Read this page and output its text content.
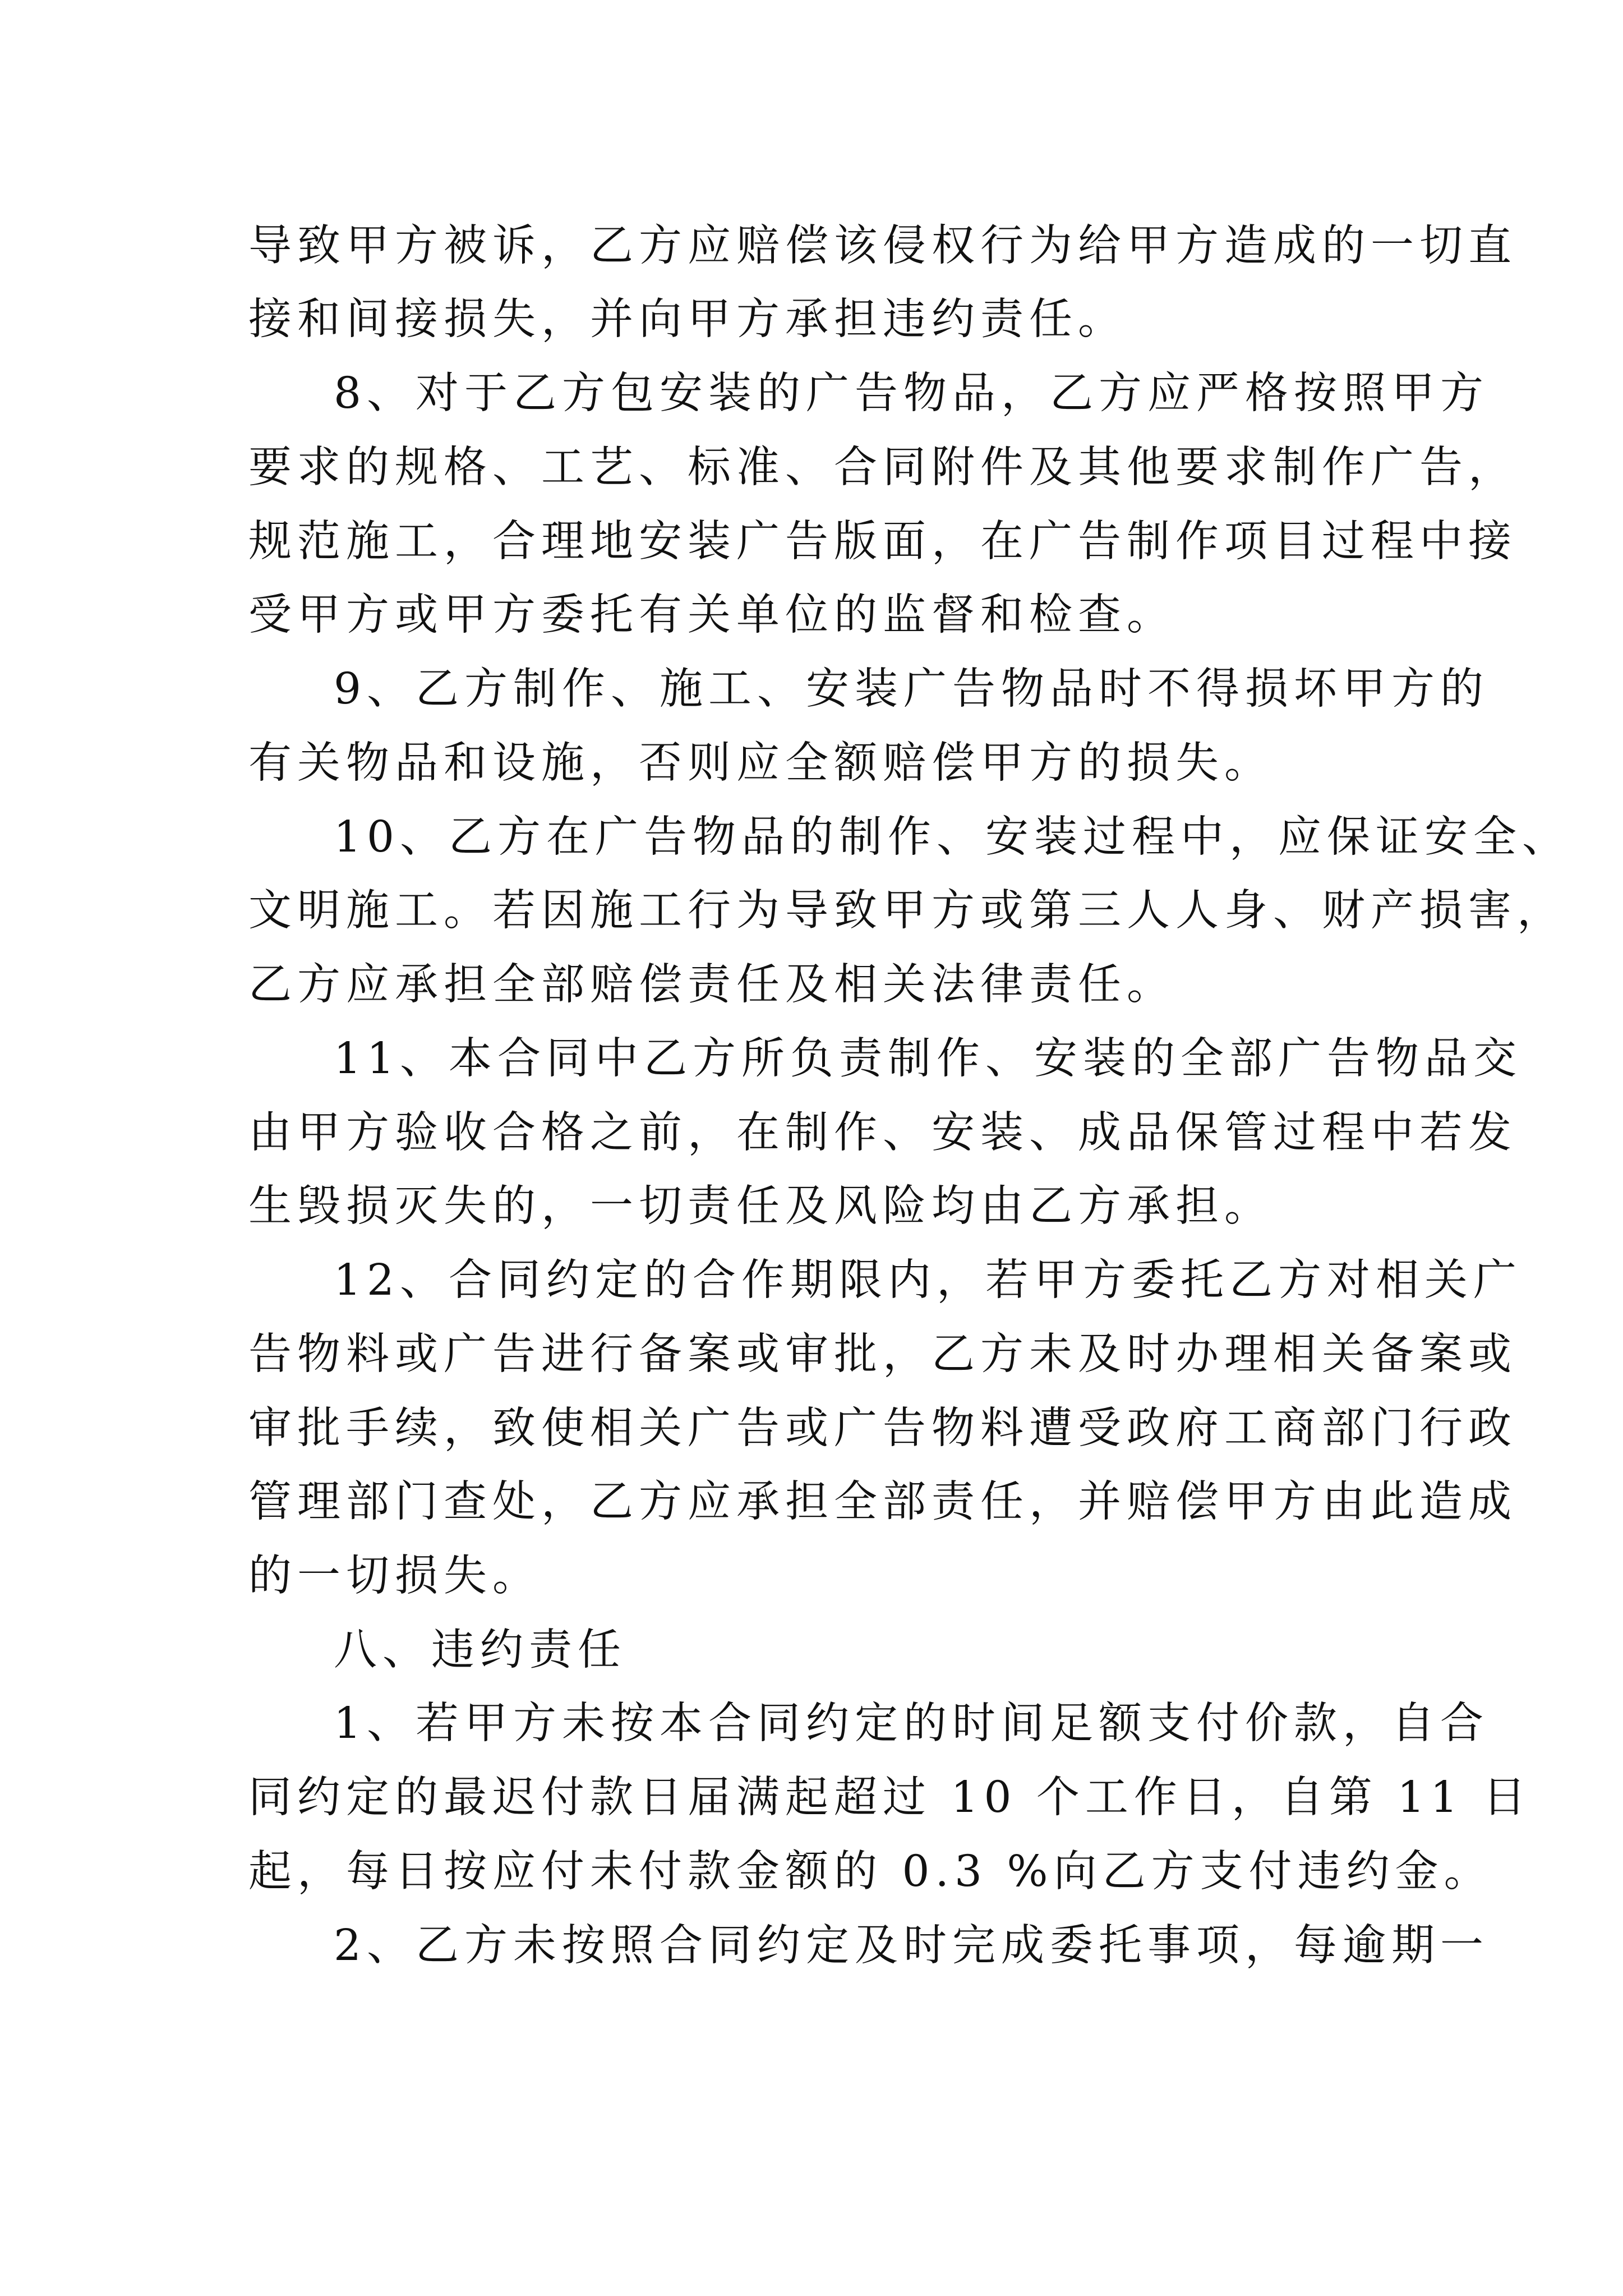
导致甲方被诉，乙方应赔偿该侵权行为给甲方造成的一切直
接和间接损失，并向甲方承担违约责任。
8、对于乙方包安装的广告物品，乙方应严格按照甲方
要求的规格、工艺、标准、合同附件及其他要求制作广告，
规范施工，合理地安装广告版面，在广告制作项目过程中接
受甲方或甲方委托有关单位的监督和检查。
9、乙方制作、施工、安装广告物品时不得损坏甲方的
有关物品和设施，否则应全额赔偿甲方的损失。
10、乙方在广告物品的制作、安装过程中，应保证安全、
文明施工。若因施工行为导致甲方或第三人人身、财产损害，
乙方应承担全部赔偿责任及相关法律责任。
11、本合同中乙方所负责制作、安装的全部广告物品交
由甲方验收合格之前，在制作、安装、成品保管过程中若发
生毁损灭失的，一切责任及风险均由乙方承担。
12、合同约定的合作期限内，若甲方委托乙方对相关广
告物料或广告进行备案或审批，乙方未及时办理相关备案或
审批手续，致使相关广告或广告物料遭受政府工商部门行政
管理部门查处，乙方应承担全部责任，并赔偿甲方由此造成
的一切损失。
八、违约责任
1、若甲方未按本合同约定的时间足额支付价款，自合
同约定的最迟付款日届满起超过 10 个工作日，自第 11 日
起，每日按应付未付款金额的 0.3 %向乙方支付违约金。
2、乙方未按照合同约定及时完成委托事项，每逾期一
